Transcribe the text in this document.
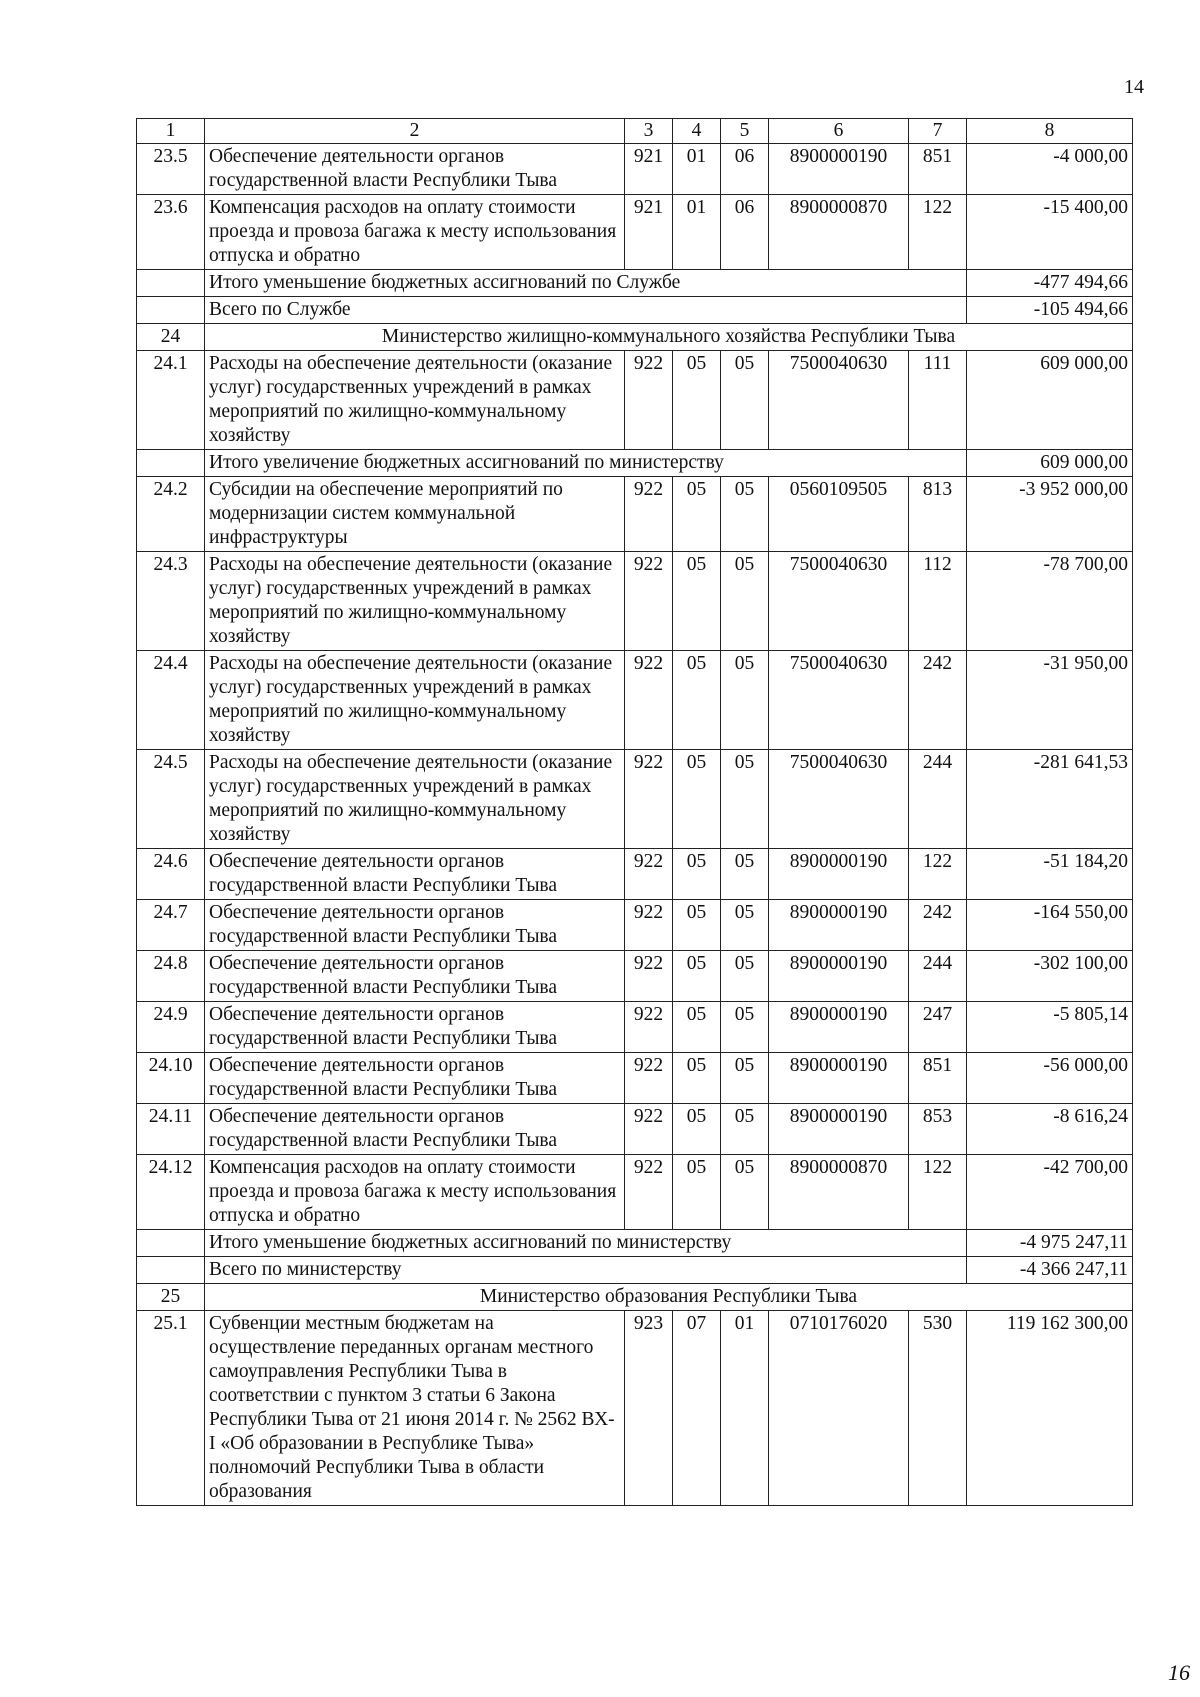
14
1	2	3	4	5	6	7	8
23.5	Обеспечение деятельности органов государственной власти Республики Тыва	921	01	06	8900000190	851	-4 000,00
23.6	Компенсация расходов на оплату стоимости проезда и провоза багажа к месту использования отпуска и обратно	921	01	06	8900000870	122	-15 400,00
	Итого уменьшение бюджетных ассигнований по Службе						-477 494,66
	Всего по Службе						-105 494,66
24	Министерство жилищно-коммунального хозяйства Республики Тыва						
24.1	Расходы на обеспечение деятельности (оказание услуг) государственных учреждений в рамках мероприятий по жилищно-коммунальному хозяйству	922	05	05	7500040630	111	609 000,00
	Итого увеличение бюджетных ассигнований по министерству						609 000,00
24.2	Субсидии на обеспечение мероприятий по модернизации систем коммунальной инфраструктуры	922	05	05	0560109505	813	-3 952 000,00
24.3	Расходы на обеспечение деятельности (оказание услуг) государственных учреждений в рамках мероприятий по жилищно-коммунальному хозяйству	922	05	05	7500040630	112	-78 700,00
24.4	Расходы на обеспечение деятельности (оказание услуг) государственных учреждений в рамках мероприятий по жилищно-коммунальному хозяйству	922	05	05	7500040630	242	-31 950,00
24.5	Расходы на обеспечение деятельности (оказание услуг) государственных учреждений в рамках мероприятий по жилищно-коммунальному хозяйству	922	05	05	7500040630	244	-281 641,53
24.6	Обеспечение деятельности органов государственной власти Республики Тыва	922	05	05	8900000190	122	-51 184,20
24.7	Обеспечение деятельности органов государственной власти Республики Тыва	922	05	05	8900000190	242	-164 550,00
24.8	Обеспечение деятельности органов государственной власти Республики Тыва	922	05	05	8900000190	244	-302 100,00
24.9	Обеспечение деятельности органов государственной власти Республики Тыва	922	05	05	8900000190	247	-5 805,14
24.10	Обеспечение деятельности органов государственной власти Республики Тыва	922	05	05	8900000190	851	-56 000,00
24.11	Обеспечение деятельности органов государственной власти Республики Тыва	922	05	05	8900000190	853	-8 616,24
24.12	Компенсация расходов на оплату стоимости проезда и провоза багажа к месту использования отпуска и обратно	922	05	05	8900000870	122	-42 700,00
	Итого уменьшение бюджетных ассигнований по министерству						-4 975 247,11
	Всего по министерству						-4 366 247,11
25	Министерство образования Республики Тыва						
25.1	Субвенции местным бюджетам на осуществление переданных органам местного самоуправления Республики Тыва в соответствии с пунктом 3 статьи 6 Закона Республики Тыва от 21 июня 2014 г. № 2562 ВХ-I «Об образовании в Республике Тыва» полномочий Республики Тыва в области образования	923	07	01	0710176020	530	119 162 300,00
16
